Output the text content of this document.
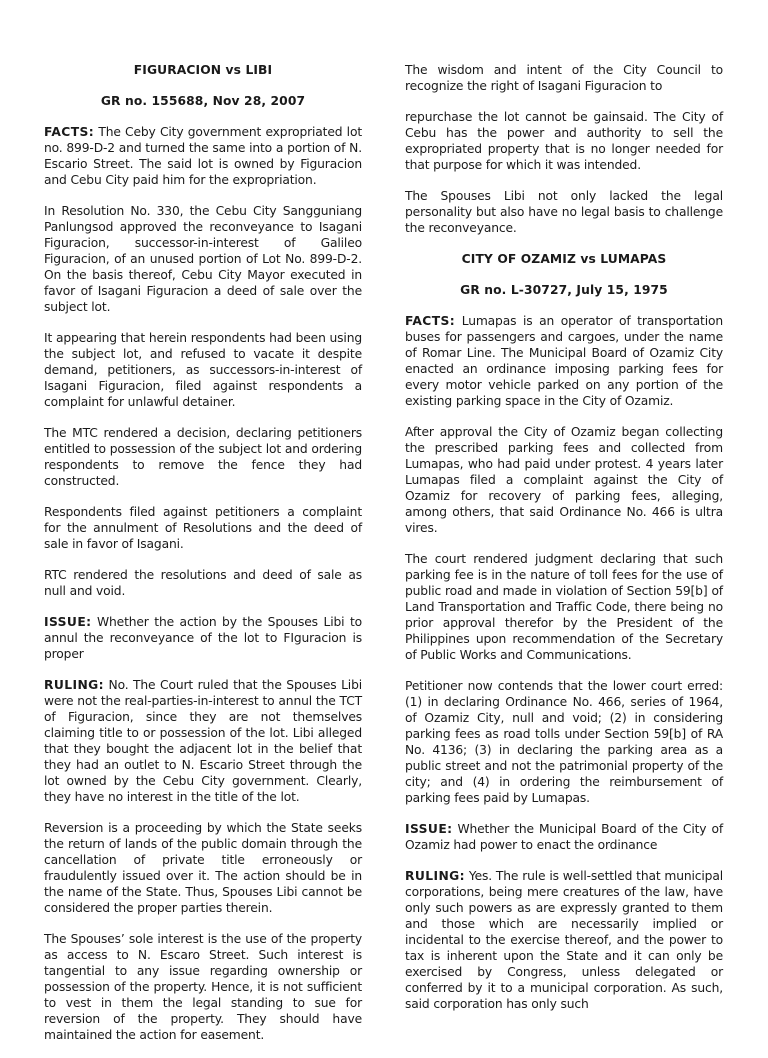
FIGURACION vs LIBI

GR no. 155688, Nov 28, 2007

FACTS: The Ceby City government expropriated lot no. 899-D-2 and turned the same into a portion of N. Escario Street. The said lot is owned by Figuracion and Cebu City paid him for the expropriation.

In Resolution No. 330, the Cebu City Sangguniang Panlungsod approved the reconveyance to Isagani Figuracion, successor-in-interest of Galileo Figuracion, of an unused portion of Lot No. 899-D-2. On the basis thereof, Cebu City Mayor executed in favor of Isagani Figuracion a deed of sale over the subject lot.

It appearing that herein respondents had been using the subject lot, and refused to vacate it despite demand, petitioners, as successors-in-interest of Isagani Figuracion, filed against respondents a complaint for unlawful detainer.

The MTC rendered a decision, declaring petitioners entitled to possession of the subject lot and ordering respondents to remove the fence they had constructed.

Respondents filed against petitioners a complaint for the annulment of Resolutions and the deed of sale in favor of Isagani.

RTC rendered the resolutions and deed of sale as null and void.

ISSUE: Whether the action by the Spouses Libi to annul the reconveyance of the lot to FIguracion is proper

RULING: No. The Court ruled that the Spouses Libi were not the real-parties-in-interest to annul the TCT of Figuracion, since they are not themselves claiming title to or possession of the lot. Libi alleged that they bought the adjacent lot in the belief that they had an outlet to N. Escario Street through the lot owned by the Cebu City government. Clearly, they have no interest in the title of the lot.

Reversion is a proceeding by which the State seeks the return of lands of the public domain through the cancellation of private title erroneously or fraudulently issued over it. The action should be in the name of the State. Thus, Spouses Libi cannot be considered the proper parties therein.

The Spouses’ sole interest is the use of the property as access to N. Escaro Street. Such interest is tangential to any issue regarding ownership or possession of the property. Hence, it is not sufficient to vest in them the legal standing to sue for reversion of the property. They should have maintained the action for easement.

The wisdom and intent of the City Council to recognize the right of Isagani Figuracion to

repurchase the lot cannot be gainsaid. The City of Cebu has the power and authority to sell the expropriated property that is no longer needed for that purpose for which it was intended.

The Spouses Libi not only lacked the legal personality but also have no legal basis to challenge the reconveyance.

CITY OF OZAMIZ vs LUMAPAS

GR no. L-30727, July 15, 1975

FACTS: Lumapas is an operator of transportation buses for passengers and cargoes, under the name of Romar Line. The Municipal Board of Ozamiz City enacted an ordinance imposing parking fees for every motor vehicle parked on any portion of the existing parking space in the City of Ozamiz.

After approval the City of Ozamiz began collecting the prescribed parking fees and collected from Lumapas, who had paid under protest. 4 years later Lumapas filed a complaint against the City of Ozamiz for recovery of parking fees, alleging, among others, that said Ordinance No. 466 is ultra vires.

The court rendered judgment declaring that such parking fee is in the nature of toll fees for the use of public road and made in violation of Section 59[b] of Land Transportation and Traffic Code, there being no prior approval therefor by the President of the Philippines upon recommendation of the Secretary of Public Works and Communications.

Petitioner now contends that the lower court erred: (1) in declaring Ordinance No. 466, series of 1964, of Ozamiz City, null and void; (2) in considering parking fees as road tolls under Section 59[b] of RA No. 4136; (3) in declaring the parking area as a public street and not the patrimonial property of the city; and (4) in ordering the reimbursement of parking fees paid by Lumapas.

ISSUE: Whether the Municipal Board of the City of Ozamiz had power to enact the ordinance

RULING: Yes. The rule is well-settled that municipal corporations, being mere creatures of the law, have only such powers as are expressly granted to them and those which are necessarily implied or incidental to the exercise thereof, and the power to tax is inherent upon the State and it can only be exercised by Congress, unless delegated or conferred by it to a municipal corporation. As such, said corporation has only such
